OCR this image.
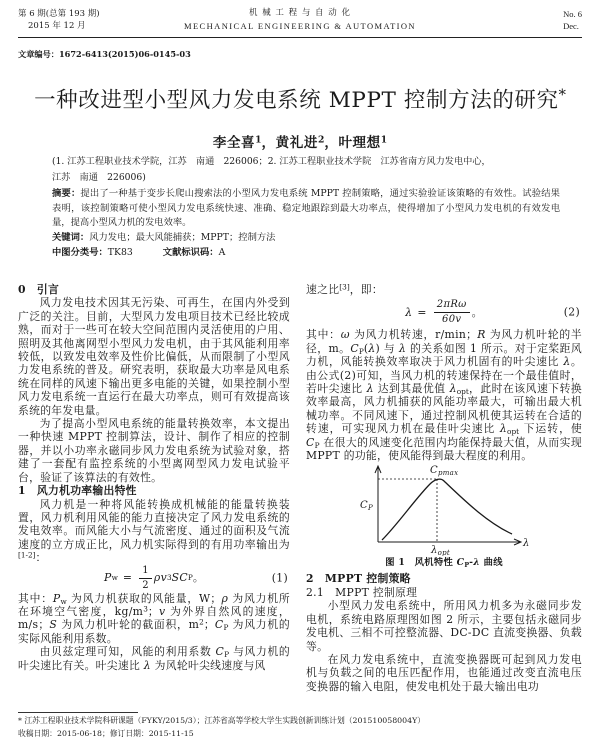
第 6 期(总第 193 期)
2015 年 12 月
机 械 工 程 与 自 动 化
MECHANICAL ENGINEERING & AUTOMATION
No. 6
Dec.
文章编号：1672-6413(2015)06-0145-03
一种改进型小型风力发电系统 MPPT 控制方法的研究*
李全喜$^1$，黄礼进$^2$，叶理想$^1$
(1. 江苏工程职业技术学院，江苏　南通　226006；2. 江苏工程职业技术学院　江苏省南方风力发电中心，
江苏　南通　226006)
摘要：提出了一种基于变步长爬山搜索法的小型风力发电系统 MPPT 控制策略，通过实验验证该策略的有效性。试验结果表明，该控制策略可使小型风力发电系统快速、准确、稳定地跟踪到最大功率点，使得增加了小型风力发电机的有效发电量，提高小型风力机的发电效率。
关键词：风力发电；最大风能捕获；MPPT；控制方法
中图分类号：TK83	文献标识码：A

0　引言

风力发电技术因其无污染、可再生，在国内外受到广泛的关注。目前，大型风力发电项目技术已经比较成熟，而对于一些可在较大空间范围内灵活使用的户用、照明及其他离网型小型风力发电机，由于其风能利用率较低，以致发电效率及性价比偏低，从而限制了小型风力发电系统的普及。研究表明，获取最大功率是风电系统在同样的风速下输出更多电能的关键，如果控制小型风力发电系统一直运行在最大功率点，则可有效提高该系统的年发电量。

为了提高小型风电系统的能量转换效率，本文提出一种快速 MPPT 控制算法，设计、制作了相应的控制器，并以小功率永磁同步风力发电系统为试验对象，搭建了一套配有监控系统的小型离网型风力发电试验平台，验证了该算法的有效性。

1　风力机功率输出特性

风力机是一种将风能转换成机械能的能量转换装置，风力机利用风能的能力直接决定了风力发电系统的发电效率。而风能大小与气流密度、通过的面积及气流速度的立方成正比，风力机实际得到的有用功率输出为[1-2]：

P $w = \frac{1}{2}$ ρv 3 SC P 。	(1)

其中：$P_w$ 为风力机获取的风能量，W；ρ 为风力机所在环境空气密度，$kg/m^3$；v 为外界自然风的速度，m/s；S 为风力机叶轮的截面积，$m^2$；$C_P$ 为风力机的实际风能利用系数。

由贝兹定理可知，风能的利用系数 $C_P$ 与风力机的叶尖速比有关。叶尖速比 λ 为风轮叶尖线速度与风

速之比[3]，即：

$\lambda = \frac{\text{2πRω}}{60v}$ 。	(2)

其中：ω 为风力机转速，r/min；R 为风力机叶轮的半径，m。$C_P(\lambda)$ 与 λ 的关系如图 1 所示。对于定桨距风力机，风能转换效率取决于风力机固有的叶尖速比 λ。由公式(2)可知，当风力机的转速保持在一个最佳值时，若叶尖速比 λ 达到其最优值 $\lambda_{opt}$，此时在该风速下转换效率最高，风力机捕获的风能功率最大，可输出最大机械功率。不同风速下，通过控制风机使其运转在合适的转速，可实现风力机在最佳叶尖速比 $\lambda_{opt}$ 下运转，使 $C_P$ 在很大的风速变化范围内均能保持最大值，从而实现 MPPT 的功能，使风能得到最大程度的利用。

$C_P$
$C_{pmax}$
$\lambda_{opt}$
λ

图 1　风机特性 $C_P-\lambda$ 曲线

2　MPPT 控制策略

2.1　MPPT 控制原理

小型风力发电系统中，所用风力机多为永磁同步发电机，系统电路原理图如图 2 所示，主要包括永磁同步发电机、三相不可控整流器、DC-DC 直流变换器、负载等。

在风力发电系统中，直流变换器既可起到风力发电机与负载之间的电压匹配作用，也能通过改变直流电压变换器的输入电阻，使发电机处于最大输出电功

* 江苏工程职业技术学院科研课题（FYKY/2015/3）；江苏省高等学校大学生实践创新训练计划（201510058004Y）
收稿日期：2015-06-18；修订日期：2015-11-15
